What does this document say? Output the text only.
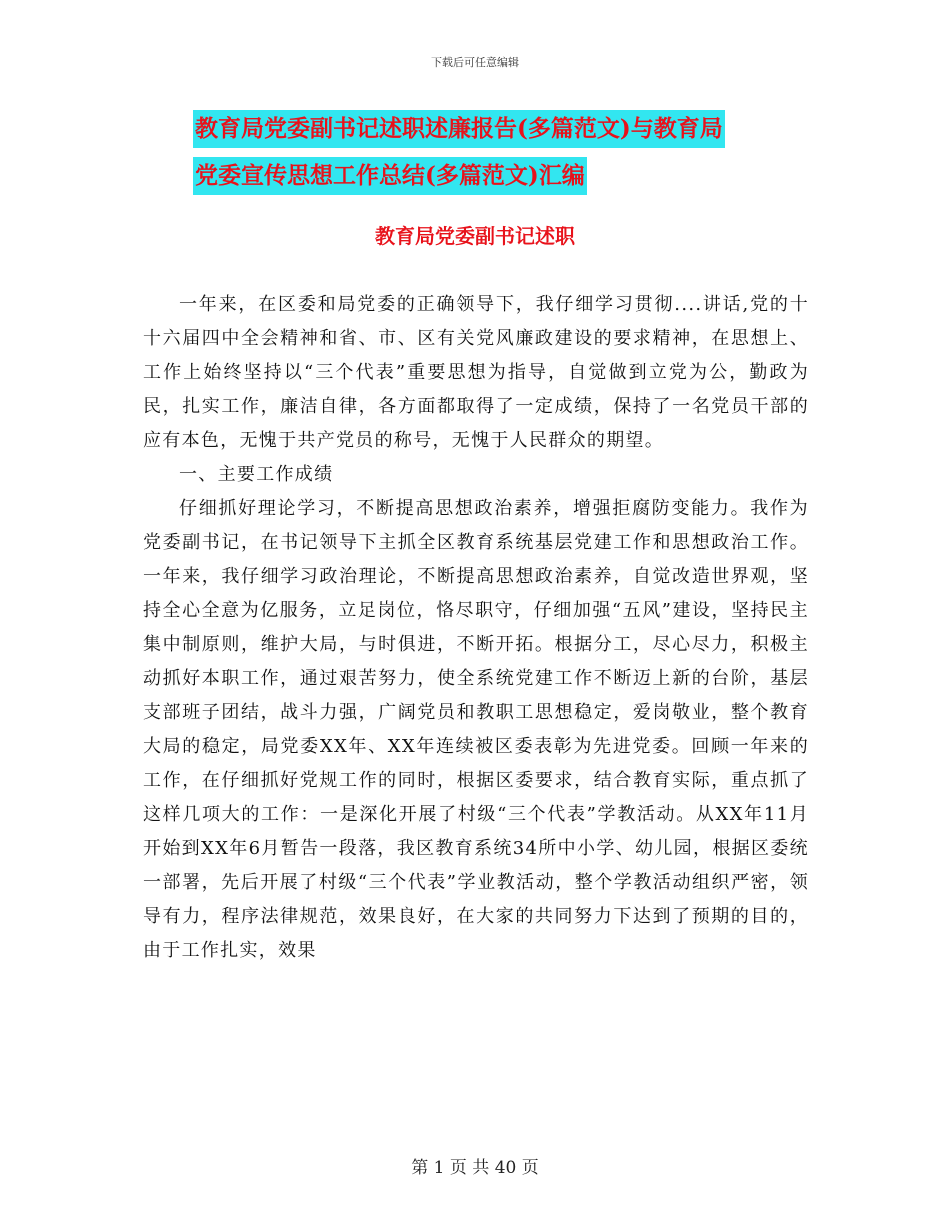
下载后可任意编辑
教育局党委副书记述职述廉报告(多篇范文)与教育局
党委宣传思想工作总结(多篇范文)汇编
教育局党委副书记述职

一年来，在区委和局党委的正确领导下，我仔细学习贯彻....讲话,党的十十六届四中全会精神和省、市、区有关党风廉政建设的要求精神，在思想上、工作上始终坚持以“三个代表”重要思想为指导，自觉做到立党为公，勤政为民，扎实工作，廉洁自律，各方面都取得了一定成绩，保持了一名党员干部的应有本色，无愧于共产党员的称号，无愧于人民群众的期望。

一、主要工作成绩

仔细抓好理论学习，不断提高思想政治素养，增强拒腐防变能力。我作为党委副书记，在书记领导下主抓全区教育系统基层党建工作和思想政治工作。一年来，我仔细学习政治理论，不断提高思想政治素养，自觉改造世界观，坚持全心全意为亿服务，立足岗位，恪尽职守，仔细加强“五风”建设，坚持民主集中制原则，维护大局，与时俱进，不断开拓。根据分工，尽心尽力，积极主动抓好本职工作，通过艰苦努力，使全系统党建工作不断迈上新的台阶，基层支部班子团结，战斗力强，广阔党员和教职工思想稳定，爱岗敬业，整个教育大局的稳定，局党委XX年、XX年连续被区委表彰为先进党委。回顾一年来的工作，在仔细抓好党规工作的同时，根据区委要求，结合教育实际，重点抓了这样几项大的工作：一是深化开展了村级“三个代表”学教活动。从XX年11月开始到XX年6月暂告一段落，我区教育系统34所中小学、幼儿园，根据区委统一部署，先后开展了村级“三个代表”学业教活动，整个学教活动组织严密，领导有力，程序法律规范，效果良好，在大家的共同努力下达到了预期的目的，由于工作扎实，效果

第 1 页 共 40 页
